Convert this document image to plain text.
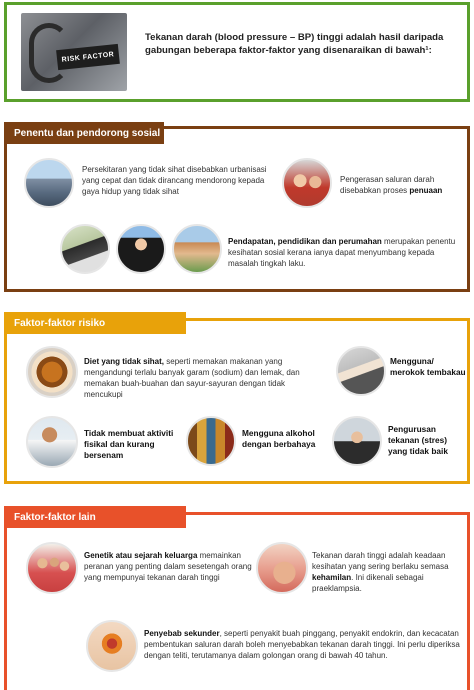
RISK FACTOR
Tekanan darah (blood pressure – BP) tinggi adalah hasil daripada gabungan beberapa faktor-faktor yang disenaraikan di bawah¹:
Penentu dan pendorong sosial
Persekitaran yang tidak sihat disebabkan urbanisasi yang cepat dan tidak dirancang mendorong kepada gaya hidup yang tidak sihat
Pengerasan saluran darah disebabkan proses penuaan
Pendapatan, pendidikan dan perumahan merupakan penentu kesihatan sosial kerana ianya dapat menyumbang kepada masalah tingkah laku.
Faktor-faktor risiko
Diet yang tidak sihat, seperti memakan makanan yang mengandungi terlalu banyak garam (sodium) dan lemak, dan memakan buah-buahan dan sayur-sayuran dengan tidak mencukupi
Mengguna/ merokok tembakau
Tidak membuat aktiviti fisikal dan kurang bersenam
Mengguna alkohol dengan berbahaya
Pengurusan tekanan (stres) yang tidak baik
Faktor-faktor lain
Genetik atau sejarah keluarga memainkan peranan yang penting dalam sesetengah orang yang mempunyai tekanan darah tinggi
Tekanan darah tinggi adalah keadaan kesihatan yang sering berlaku semasa kehamilan. Ini dikenali sebagai praeklampsia.
Penyebab sekunder, seperti penyakit buah pinggang, penyakit endokrin, dan kecacatan pembentukan saluran darah boleh menyebabkan tekanan darah tinggi. Ini perlu diperiksa dengan teliti, terutamanya dalam golongan orang di bawah 40 tahun.
